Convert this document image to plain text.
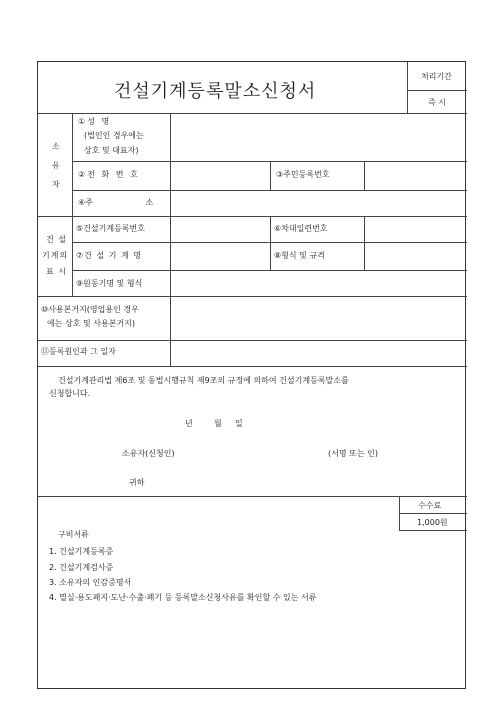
건설기계등록말소신청서
처리기간
즉 시
소
유
자
①성 명
(법인인 경우에는
상호 및 대표자)
②전 화 번 호	③주민등록번호
④주 소
건 설
기계의
표 시
⑤건설기계등록번호	⑥차대일련번호
⑦건 설 기 계 명	⑧형식 및 규격
⑨원동기명 및 형식
⑩사용본거지(영업용인 경우
에는 상호 및 사용본거지)
⑪등록원인과 그 일자
건설기계관리법 제6조 및 동법시행규칙 제9조의 규정에 의하여 건설기계등록말소를
신청합니다.
년	월 일
소유자(신청인)	(서명 또는 인)
귀하
수수료
1,000원
구비서류
1. 건설기계등록증
2. 건설기계검사증
3. 소유자의 인감증명서
4. 멸실·용도폐지·도난·수출·폐기 등 등록말소신청사유를 확인할 수 있는 서류
